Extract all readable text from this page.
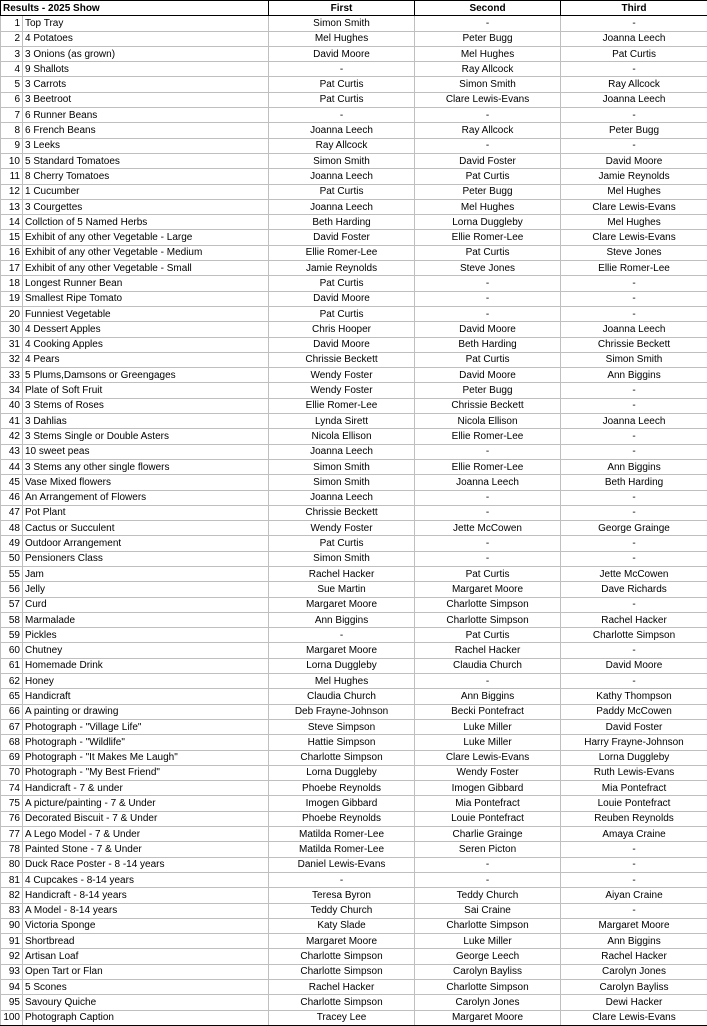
Results - 2025 Show		First	Second	Third
1	Top Tray	Simon Smith	-	-
2	4 Potatoes	Mel Hughes	Peter Bugg	Joanna Leech
3	3 Onions (as grown)	David Moore	Mel Hughes	Pat Curtis
4	9 Shallots	-	Ray Allcock	-
5	3 Carrots	Pat Curtis	Simon Smith	Ray Allcock
6	3 Beetroot	Pat Curtis	Clare Lewis-Evans	Joanna Leech
7	6 Runner Beans	-	-	-
8	6 French Beans	Joanna Leech	Ray Allcock	Peter Bugg
9	3 Leeks	Ray Allcock	-	-
10	5 Standard Tomatoes	Simon Smith	David Foster	David Moore
11	8 Cherry Tomatoes	Joanna Leech	Pat Curtis	Jamie Reynolds
12	1 Cucumber	Pat Curtis	Peter Bugg	Mel Hughes
13	3 Courgettes	Joanna Leech	Mel Hughes	Clare Lewis-Evans
14	Collction of 5 Named Herbs	Beth Harding	Lorna Duggleby	Mel Hughes
15	Exhibit of any other Vegetable - Large	David Foster	Ellie Romer-Lee	Clare Lewis-Evans
16	Exhibit of any other Vegetable - Medium	Ellie Romer-Lee	Pat Curtis	Steve Jones
17	Exhibit of any other Vegetable - Small	Jamie Reynolds	Steve Jones	Ellie Romer-Lee
18	Longest Runner Bean	Pat Curtis	-	-
19	Smallest Ripe Tomato	David Moore	-	-
20	Funniest Vegetable	Pat Curtis	-	-
30	4 Dessert Apples	Chris Hooper	David Moore	Joanna Leech
31	4 Cooking Apples	David Moore	Beth Harding	Chrissie Beckett
32	4 Pears	Chrissie Beckett	Pat Curtis	Simon Smith
33	5 Plums,Damsons or Greengages	Wendy Foster	David Moore	Ann Biggins
34	Plate of Soft Fruit	Wendy Foster	Peter Bugg	-
40	3 Stems of Roses	Ellie Romer-Lee	Chrissie Beckett	-
41	3 Dahlias	Lynda Sirett	Nicola Ellison	Joanna Leech
42	3 Stems Single or Double Asters	Nicola Ellison	Ellie Romer-Lee	-
43	10 sweet peas	Joanna Leech	-	-
44	3 Stems any other single flowers	Simon Smith	Ellie Romer-Lee	Ann Biggins
45	Vase Mixed flowers	Simon Smith	Joanna Leech	Beth Harding
46	An Arrangement of Flowers	Joanna Leech	-	-
47	Pot Plant	Chrissie Beckett	-	-
48	Cactus or Succulent	Wendy Foster	Jette McCowen	George Grainge
49	Outdoor Arrangement	Pat Curtis	-	-
50	Pensioners Class	Simon Smith	-	-
55	Jam	Rachel Hacker	Pat Curtis	Jette McCowen
56	Jelly	Sue Martin	Margaret Moore	Dave Richards
57	Curd	Margaret Moore	Charlotte Simpson	-
58	Marmalade	Ann Biggins	Charlotte Simpson	Rachel Hacker
59	Pickles	-	Pat Curtis	Charlotte Simpson
60	Chutney	Margaret Moore	Rachel Hacker	-
61	Homemade Drink	Lorna Duggleby	Claudia Church	David Moore
62	Honey	Mel Hughes	-	-
65	Handicraft	Claudia Church	Ann Biggins	Kathy Thompson
66	A painting or drawing	Deb Frayne-Johnson	Becki Pontefract	Paddy McCowen
67	Photograph - "Village Life"	Steve Simpson	Luke Miller	David Foster
68	Photograph - "Wildlife"	Hattie Simpson	Luke Miller	Harry Frayne-Johnson
69	Photograph - "It Makes Me Laugh"	Charlotte Simpson	Clare Lewis-Evans	Lorna Duggleby
70	Photograph - "My Best Friend"	Lorna Duggleby	Wendy Foster	Ruth Lewis-Evans
74	Handicraft - 7 & under	Phoebe Reynolds	Imogen Gibbard	Mia Pontefract
75	A picture/painting - 7 & Under	Imogen Gibbard	Mia Pontefract	Louie Pontefract
76	Decorated Biscuit - 7 & Under	Phoebe Reynolds	Louie Pontefract	Reuben Reynolds
77	A Lego Model - 7 & Under	Matilda Romer-Lee	Charlie Grainge	Amaya Craine
78	Painted Stone - 7 & Under	Matilda Romer-Lee	Seren Picton	-
80	Duck Race Poster - 8 -14 years	Daniel Lewis-Evans	-	-
81	4 Cupcakes - 8-14 years	-	-	-
82	Handicraft - 8-14 years	Teresa Byron	Teddy Church	Aiyan Craine
83	A Model - 8-14 years	Teddy Church	Sai Craine	-
90	Victoria Sponge	Katy Slade	Charlotte Simpson	Margaret Moore
91	Shortbread	Margaret Moore	Luke Miller	Ann Biggins
92	Artisan Loaf	Charlotte Simpson	George Leech	Rachel Hacker
93	Open Tart or Flan	Charlotte Simpson	Carolyn Bayliss	Carolyn Jones
94	5 Scones	Rachel Hacker	Charlotte Simpson	Carolyn Bayliss
95	Savoury Quiche	Charlotte Simpson	Carolyn Jones	Dewi Hacker
100	Photograph Caption	Tracey Lee	Margaret Moore	Clare Lewis-Evans
